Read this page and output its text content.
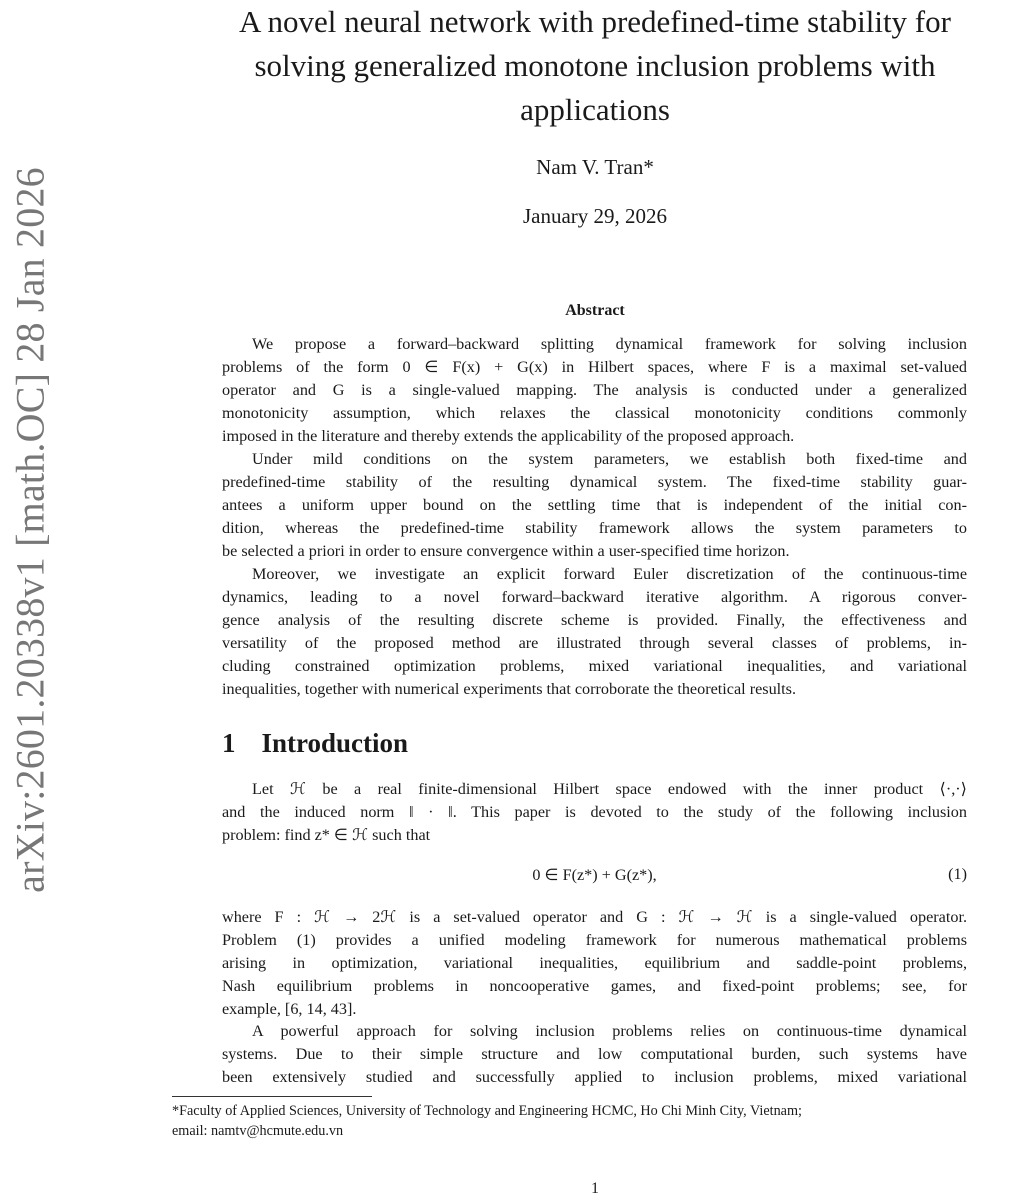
arXiv:2601.20338v1 [math.OC] 28 Jan 2026
A novel neural network with predefined-time stability for
solving generalized monotone inclusion problems with
applications
Nam V. Tran*
January 29, 2026
Abstract
We propose a forward–backward splitting dynamical framework for solving inclusion
problems of the form 0 ∈ F(x) + G(x) in Hilbert spaces, where F is a maximal set-valued
operator and G is a single-valued mapping. The analysis is conducted under a generalized
monotonicity assumption, which relaxes the classical monotonicity conditions commonly
imposed in the literature and thereby extends the applicability of the proposed approach.
Under mild conditions on the system parameters, we establish both fixed-time and
predefined-time stability of the resulting dynamical system. The fixed-time stability guar-
antees a uniform upper bound on the settling time that is independent of the initial con-
dition, whereas the predefined-time stability framework allows the system parameters to
be selected a priori in order to ensure convergence within a user-specified time horizon.
Moreover, we investigate an explicit forward Euler discretization of the continuous-time
dynamics, leading to a novel forward–backward iterative algorithm. A rigorous conver-
gence analysis of the resulting discrete scheme is provided. Finally, the effectiveness and
versatility of the proposed method are illustrated through several classes of problems, in-
cluding constrained optimization problems, mixed variational inequalities, and variational
inequalities, together with numerical experiments that corroborate the theoretical results.
1 Introduction
Let ℋ be a real finite-dimensional Hilbert space endowed with the inner product ⟨·,·⟩
and the induced norm ‖ · ‖. This paper is devoted to the study of the following inclusion
problem: find z* ∈ ℋ such that
0 ∈ F(z*) + G(z*),	(1)
where F : ℋ → 2ℋ is a set-valued operator and G : ℋ → ℋ is a single-valued operator.
Problem (1) provides a unified modeling framework for numerous mathematical problems
arising in optimization, variational inequalities, equilibrium and saddle-point problems,
Nash equilibrium problems in noncooperative games, and fixed-point problems; see, for
example, [6, 14, 43].
A powerful approach for solving inclusion problems relies on continuous-time dynamical
systems. Due to their simple structure and low computational burden, such systems have
been extensively studied and successfully applied to inclusion problems, mixed variational
*Faculty of Applied Sciences, University of Technology and Engineering HCMC, Ho Chi Minh City, Vietnam;
email: namtv@hcmute.edu.vn
1
